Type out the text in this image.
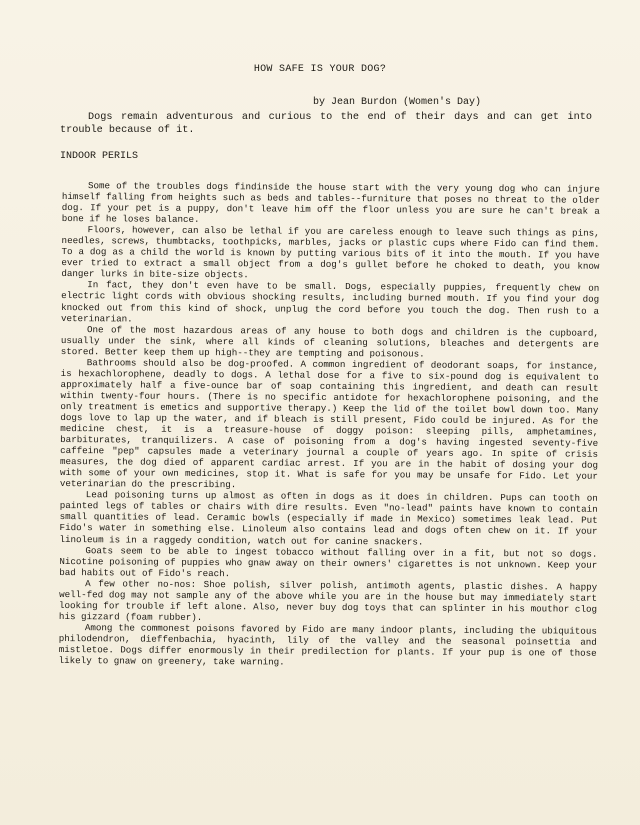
HOW SAFE IS YOUR DOG?
by Jean Burdon (Women's Day)
Dogs remain adventurous and curious to the end of their days and can get into trouble because of it.
INDOOR PERILS

Some of the troubles dogs findinside the house start with the very young dog who can injure himself falling from heights such as beds and tables--furniture that poses no threat to the older dog. If your pet is a puppy, don't leave him off the floor unless you are sure he can't break a bone if he loses balance.

Floors, however, can also be lethal if you are careless enough to leave such things as pins, needles, screws, thumbtacks, toothpicks, marbles, jacks or plastic cups where Fido can find them. To a dog as a child the world is known by putting various bits of it into the mouth. If you have ever tried to extract a small object from a dog's gullet before he choked to death, you know danger lurks in bite-size objects.

In fact, they don't even have to be small. Dogs, especially puppies, frequently chew on electric light cords with obvious shocking results, including burned mouth. If you find your dog knocked out from this kind of shock, unplug the cord before you touch the dog. Then rush to a veterinarian.

One of the most hazardous areas of any house to both dogs and children is the cupboard, usually under the sink, where all kinds of cleaning solutions, bleaches and detergents are stored. Better keep them up high--they are tempting and poisonous.

Bathrooms should also be dog-proofed. A common ingredient of deodorant soaps, for instance, is hexachlorophene, deadly to dogs. A lethal dose for a five to six-pound dog is equivalent to approximately half a five-ounce bar of soap containing this ingredient, and death can result within twenty-four hours. (There is no specific antidote for hexachlorophene poisoning, and the only treatment is emetics and supportive therapy.) Keep the lid of the toilet bowl down too. Many dogs love to lap up the water, and if bleach is still present, Fido could be injured. As for the medicine chest, it is a treasure-house of doggy poison: sleeping pills, amphetamines, barbiturates, tranquilizers. A case of poisoning from a dog's having ingested seventy-five caffeine "pep" capsules made a veterinary journal a couple of years ago. In spite of crisis measures, the dog died of apparent cardiac arrest. If you are in the habit of dosing your dog with some of your own medicines, stop it. What is safe for you may be unsafe for Fido. Let your veterinarian do the prescribing.

Lead poisoning turns up almost as often in dogs as it does in children. Pups can tooth on painted legs of tables or chairs with dire results. Even "no-lead" paints have known to contain small quantities of lead. Ceramic bowls (especially if made in Mexico) sometimes leak lead. Put Fido's water in something else. Linoleum also contains lead and dogs often chew on it. If your linoleum is in a raggedy condition, watch out for canine snackers.

Goats seem to be able to ingest tobacco without falling over in a fit, but not so dogs. Nicotine poisoning of puppies who gnaw away on their owners' cigarettes is not unknown. Keep your bad habits out of Fido's reach.

A few other no-nos: Shoe polish, silver polish, antimoth agents, plastic dishes. A happy well-fed dog may not sample any of the above while you are in the house but may immediately start looking for trouble if left alone. Also, never buy dog toys that can splinter in his mouthor clog his gizzard (foam rubber).

Among the commonest poisons favored by Fido are many indoor plants, including the ubiquitous philodendron, dieffenbachia, hyacinth, lily of the valley and the seasonal poinsettia and mistletoe. Dogs differ enormously in their predilection for plants. If your pup is one of those likely to gnaw on greenery, take warning.
